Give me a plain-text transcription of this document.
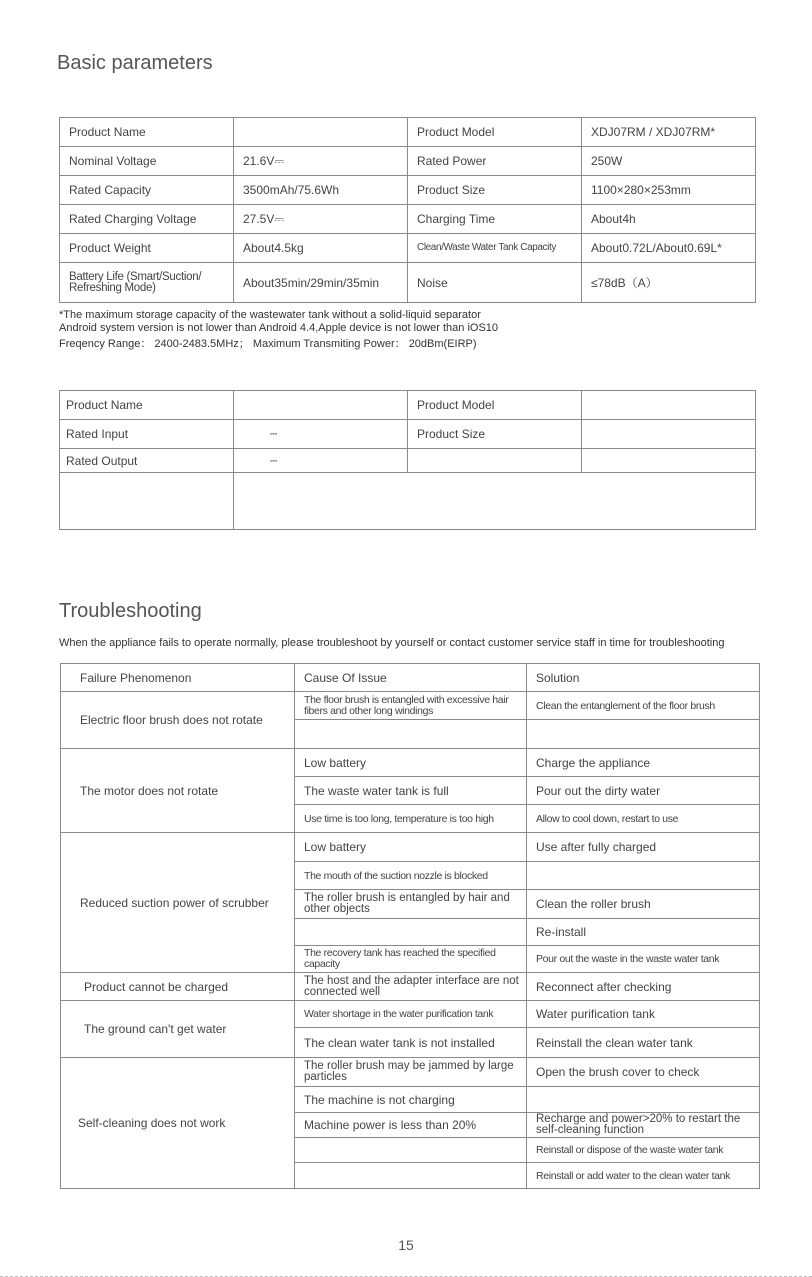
Basic parameters
Product Name		Product Model	XDJ07RM / XDJ07RM*
Nominal Voltage	21.6V⎓	Rated Power	250W
Rated Capacity	3500mAh/75.6Wh	Product Size	1100×280×253mm
Rated Charging Voltage	27.5V⎓	Charging Time	About4h
Product Weight	About4.5kg	Clean/Waste Water Tank Capacity	About0.72L/About0.69L*
Battery Life (Smart/Suction/ Refreshing Mode)	About35min/29min/35min	Noise	≤78dB（A）
*The maximum storage capacity of the wastewater tank without a solid-liquid separator
Android system version is not lower than Android 4.4,Apple device is not lower than iOS10
Freqency Range： 2400-2483.5MHz； Maximum Transmiting Power： 20dBm(EIRP)
Product Name		Product Model	
Rated Input	⎓	Product Size	
Rated Output	⎓		

Troubleshooting
When the appliance fails to operate normally, please troubleshoot by yourself or contact customer service staff in time for troubleshooting
Failure Phenomenon	Cause Of Issue	Solution
Electric floor brush does not rotate	The floor brush is entangled with excessive hair fibers and other long windings	Clean the entanglement of the floor brush

The motor does not rotate	Low battery	Charge the appliance
	The waste water tank is full	Pour out the dirty water
	Use time is too long, temperature is too high	Allow to cool down, restart to use
Reduced suction power of scrubber	Low battery	Use after fully charged
	The mouth of the suction nozzle is blocked	
	The roller brush is entangled by hair and other objects	Clean the roller brush
		Re-install
	The recovery tank has reached the specified capacity	Pour out the waste in the waste water tank
Product cannot be charged	The host and the adapter interface are not connected well	Reconnect after checking
The ground can't get water	Water shortage in the water purification tank	Water purification tank
	The clean water tank is not installed	Reinstall the clean water tank
Self-cleaning does not work	The roller brush may be jammed by large particles	Open the brush cover to check
	The machine is not charging	
	Machine power is less than 20%	Recharge and power>20% to restart the self-cleaning function
		Reinstall or dispose of the waste water tank
		Reinstall or add water to the clean water tank
15
